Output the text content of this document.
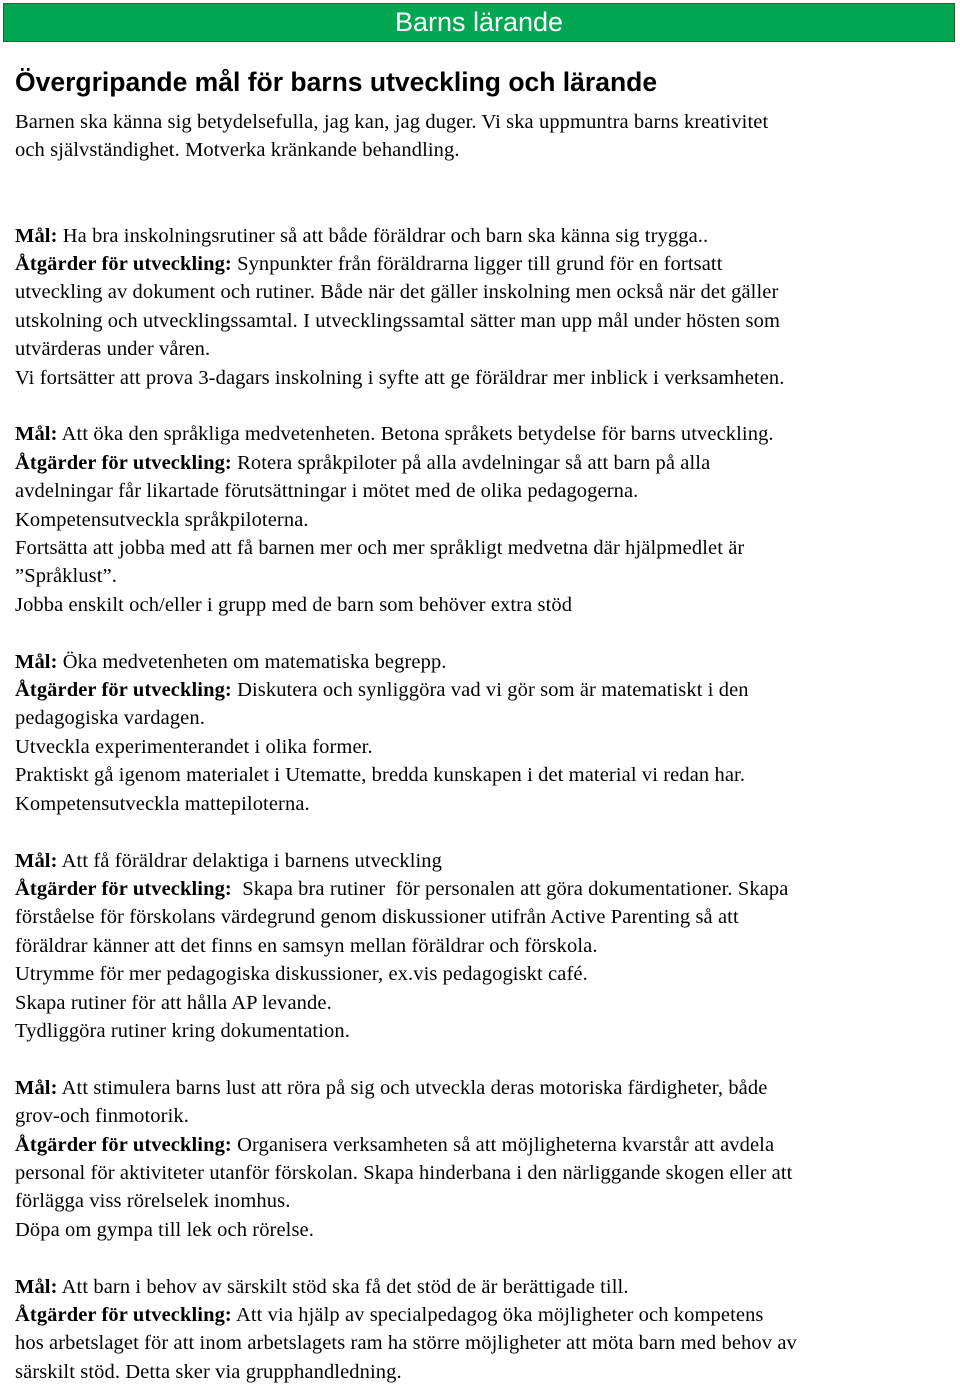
Barns lärande
Övergripande mål för barns utveckling och lärande
Barnen ska känna sig betydelsefulla, jag kan, jag duger. Vi ska uppmuntra barns kreativitet
och självständighet. Motverka kränkande behandling.
Mål: Ha bra inskolningsrutiner så att både föräldrar och barn ska känna sig trygga..
Åtgärder för utveckling: Synpunkter från föräldrarna ligger till grund för en fortsatt
utveckling av dokument och rutiner. Både när det gäller inskolning men också när det gäller
utskolning och utvecklingssamtal. I utvecklingssamtal sätter man upp mål under hösten som
utvärderas under våren.
Vi fortsätter att prova 3-dagars inskolning i syfte att ge föräldrar mer inblick i verksamheten.
Mål: Att öka den språkliga medvetenheten. Betona språkets betydelse för barns utveckling.
Åtgärder för utveckling: Rotera språkpiloter på alla avdelningar så att barn på alla
avdelningar får likartade förutsättningar i mötet med de olika pedagogerna.
Kompetensutveckla språkpiloterna.
Fortsätta att jobba med att få barnen mer och mer språkligt medvetna där hjälpmedlet är
”Språklust”.
Jobba enskilt och/eller i grupp med de barn som behöver extra stöd
Mål: Öka medvetenheten om matematiska begrepp.
Åtgärder för utveckling: Diskutera och synliggöra vad vi gör som är matematiskt i den
pedagogiska vardagen.
Utveckla experimenterandet i olika former.
Praktiskt gå igenom materialet i Utematte, bredda kunskapen i det material vi redan har.
Kompetensutveckla mattepiloterna.
Mål: Att få föräldrar delaktiga i barnens utveckling
Åtgärder för utveckling:  Skapa bra rutiner  för personalen att göra dokumentationer. Skapa
förståelse för förskolans värdegrund genom diskussioner utifrån Active Parenting så att
föräldrar känner att det finns en samsyn mellan föräldrar och förskola.
Utrymme för mer pedagogiska diskussioner, ex.vis pedagogiskt café.
Skapa rutiner för att hålla AP levande.
Tydliggöra rutiner kring dokumentation.
Mål: Att stimulera barns lust att röra på sig och utveckla deras motoriska färdigheter, både
grov-och finmotorik.
Åtgärder för utveckling: Organisera verksamheten så att möjligheterna kvarstår att avdela
personal för aktiviteter utanför förskolan. Skapa hinderbana i den närliggande skogen eller att
förlägga viss rörelselek inomhus.
Döpa om gympa till lek och rörelse.
Mål: Att barn i behov av särskilt stöd ska få det stöd de är berättigade till.
Åtgärder för utveckling: Att via hjälp av specialpedagog öka möjligheter och kompetens
hos arbetslaget för att inom arbetslagets ram ha större möjligheter att möta barn med behov av
särskilt stöd. Detta sker via grupphandledning.
